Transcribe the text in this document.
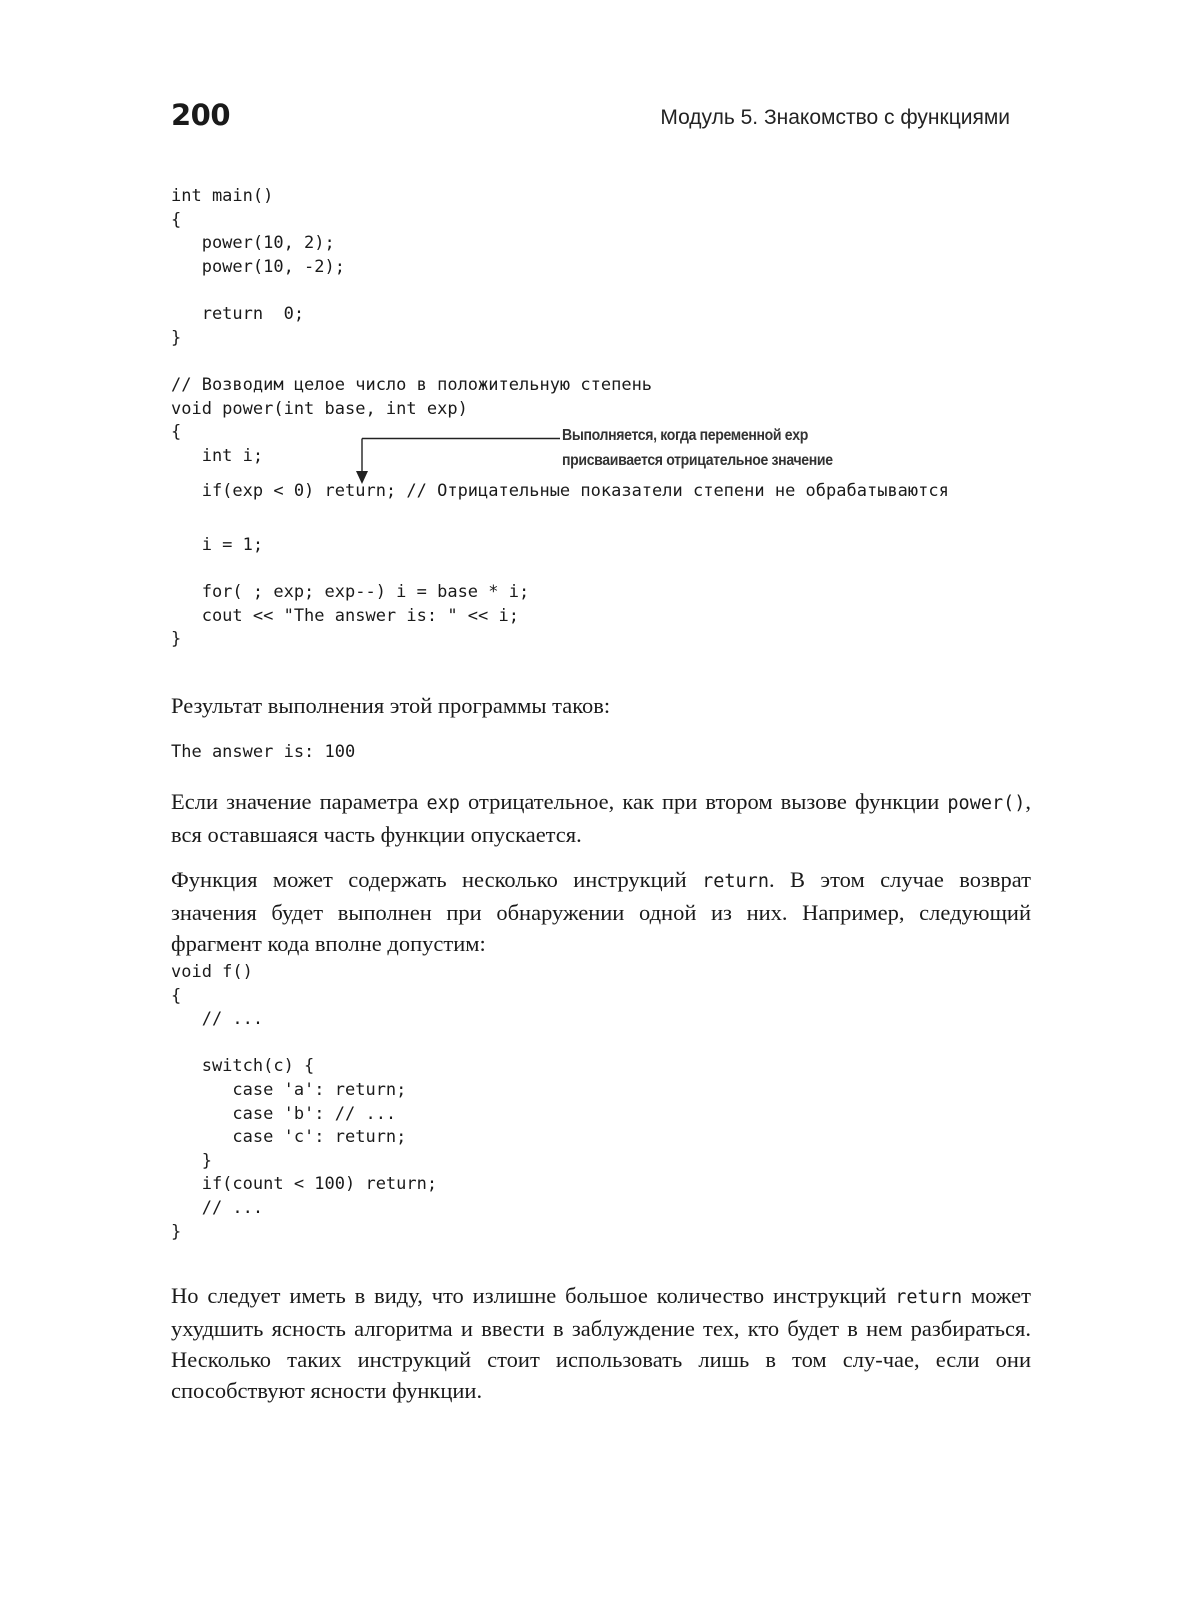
200	Модуль 5. Знакомство с функциями
int main()
{
power(10, 2);
power(10, -2);
return  0;
}
// Возводим целое число в положительную степень
void power(int base, int exp)
{
int i;
Выполняется, когда переменной exp
присваивается отрицательное значение
if(exp < 0) return; // Отрицательные показатели степени не обрабатываются
i = 1;
for( ; exp; exp--) i = base * i;
cout << "The answer is: " << i;
}

Результат выполнения этой программы таков:

The answer is: 100

Если значение параметра exp отрицательное, как при втором вызове функции power(), вся оставшаяся часть функции опускается.

Функция может содержать несколько инструкций return. В этом случае возврат значения будет выполнен при обнаружении одной из них. Например, следующий фрагмент кода вполне допустим:

void f()
{
// ...
switch(c) {
case 'a': return;
case 'b': // ...
case 'c': return;
}
if(count < 100) return;
// ...
}

Но следует иметь в виду, что излишне большое количество инструкций return может ухудшить ясность алгоритма и ввести в заблуждение тех, кто будет в нем разбираться. Несколько таких инструкций стоит использовать лишь в том слу-чае, если они способствуют ясности функции.
